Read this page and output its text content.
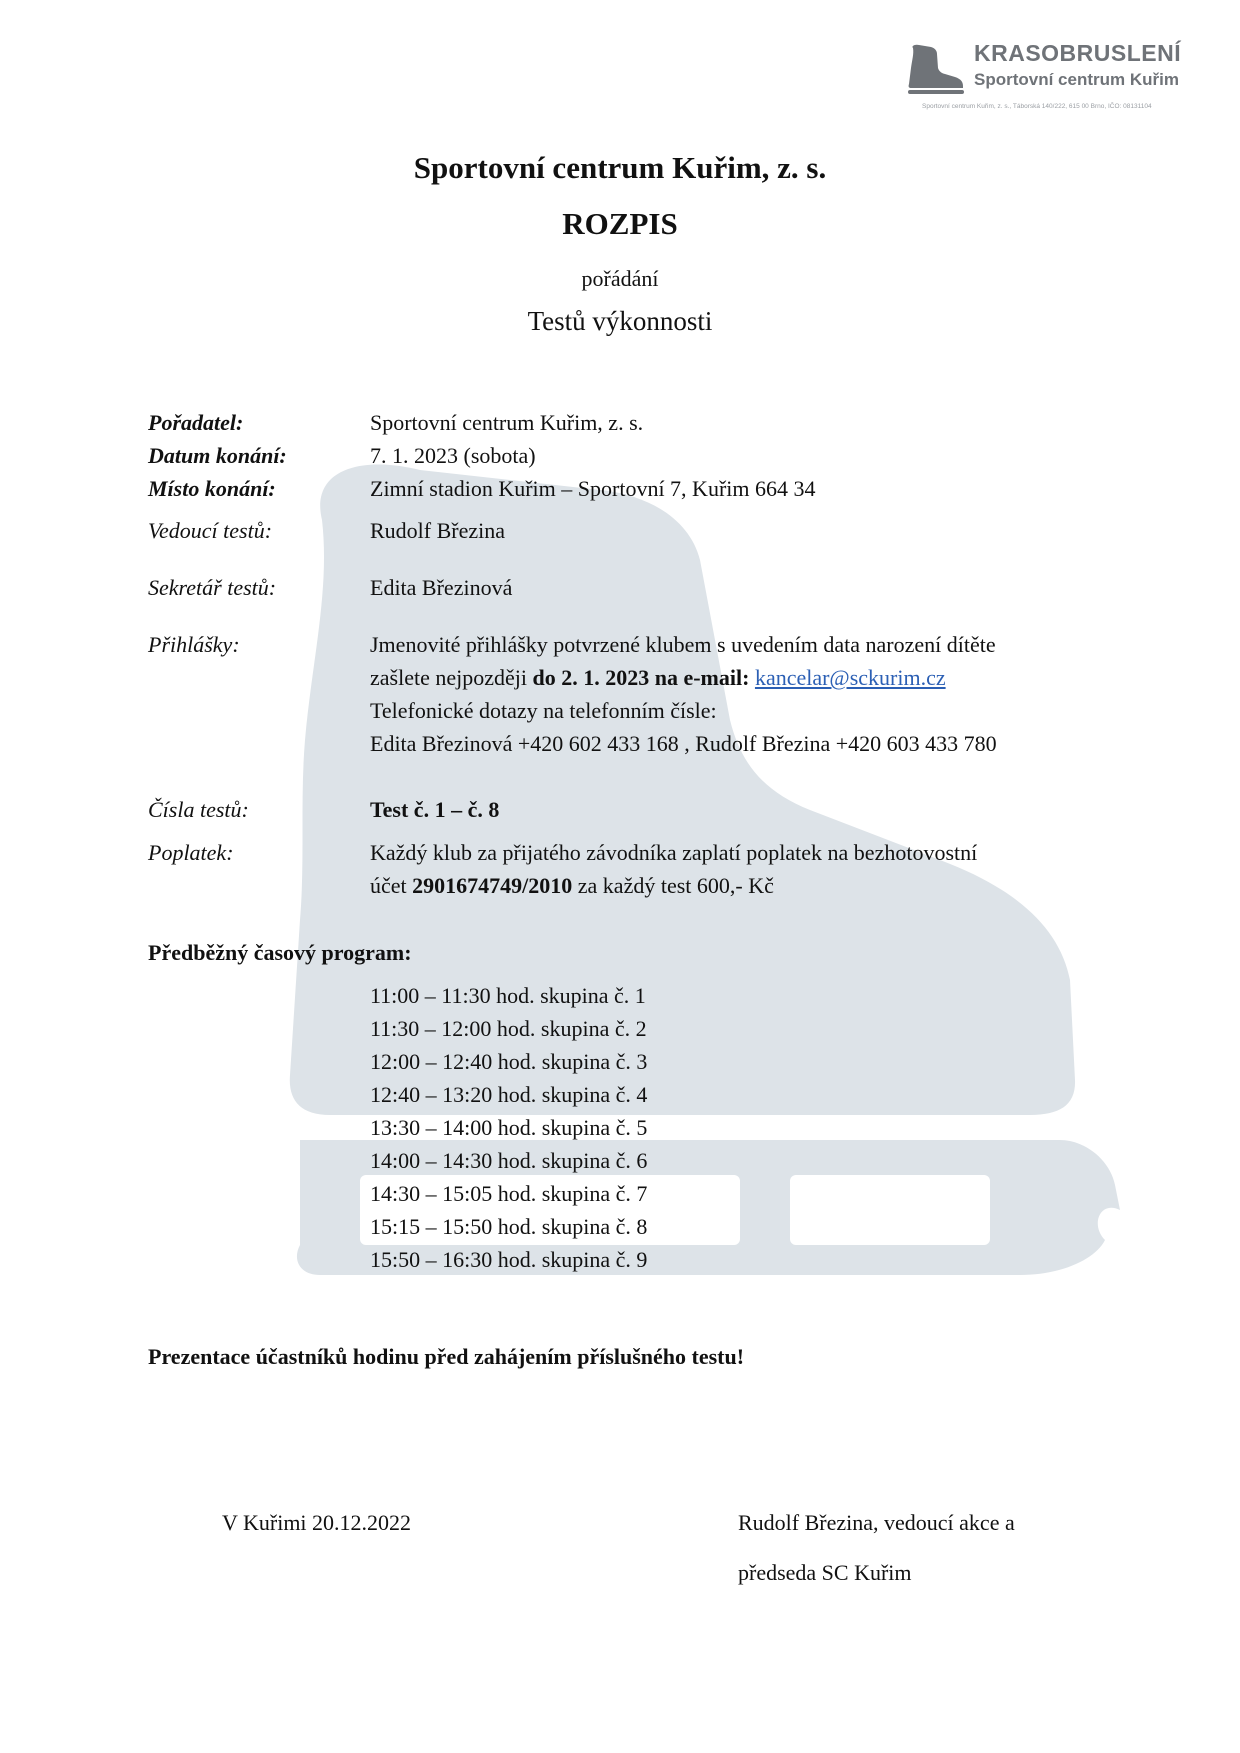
KRASOBRUSLENÍ
Sportovní centrum Kuřim
Sportovní centrum Kuřim, z. s., Táborská 140/222, 615 00 Brno, IČO: 08131104
Sportovní centrum Kuřim, z. s.
ROZPIS
pořádání
Testů výkonnosti
Pořadatel:	Sportovní centrum Kuřim, z. s.
Datum konání:	7. 1. 2023 (sobota)
Místo konání:	Zimní stadion Kuřim – Sportovní 7, Kuřim 664 34
Vedoucí testů:	Rudolf Březina
Sekretář testů:	Edita Březinová
Přihlášky:	Jmenovité přihlášky potvrzené klubem s uvedením data narození dítěte
zašlete nejpozději do 2. 1. 2023 na e-mail: kancelar@sckurim.cz
Telefonické dotazy na telefonním čísle:
Edita Březinová +420 602 433 168 , Rudolf Březina +420 603 433 780
Čísla testů:	Test č. 1 – č. 8
Poplatek:	Každý klub za přijatého závodníka zaplatí poplatek na bezhotovostní
účet 2901674749/2010 za každý test 600,- Kč
Předběžný časový program:
11:00 – 11:30 hod. skupina č. 1
11:30 – 12:00 hod. skupina č. 2
12:00 – 12:40 hod. skupina č. 3
12:40 – 13:20 hod. skupina č. 4
13:30 – 14:00 hod. skupina č. 5
14:00 – 14:30 hod. skupina č. 6
14:30 – 15:05 hod. skupina č. 7
15:15 – 15:50 hod. skupina č. 8
15:50 – 16:30 hod. skupina č. 9
Prezentace účastníků hodinu před zahájením příslušného testu!
V Kuřimi 20.12.2022	Rudolf Březina, vedoucí akce a
předseda SC Kuřim
